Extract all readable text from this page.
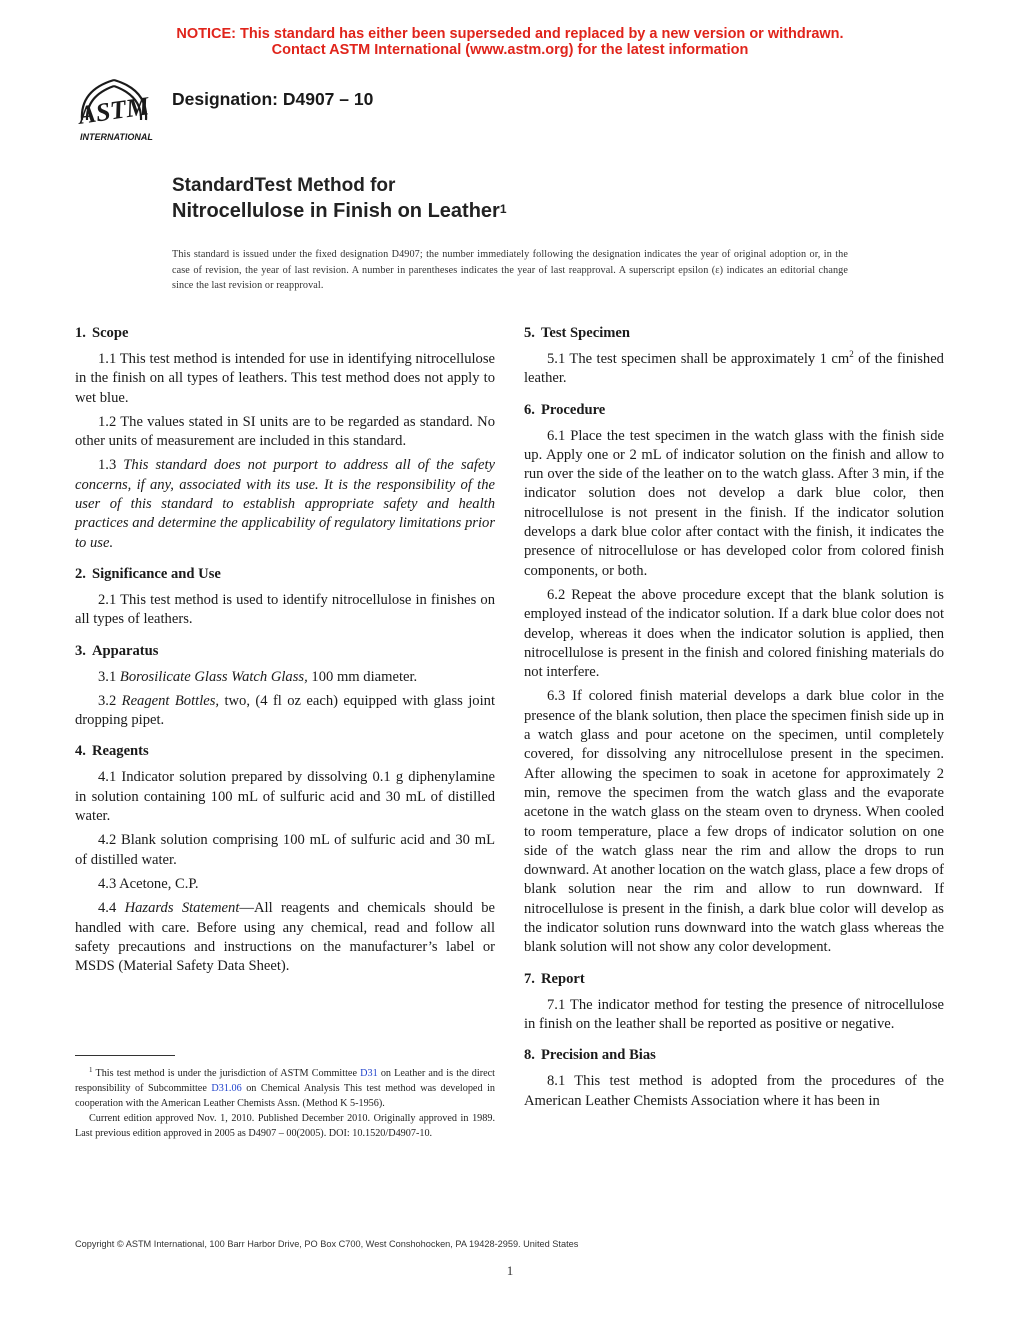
NOTICE: This standard has either been superseded and replaced by a new version or withdrawn.
Contact ASTM International (www.astm.org) for the latest information
ASTM
INTERNATIONAL
Designation: D4907 – 10
StandardTest Method for
Nitrocellulose in Finish on Leather$^1$
This standard is issued under the fixed designation D4907; the number immediately following the designation indicates the year of original adoption or, in the case of revision, the year of last revision. A number in parentheses indicates the year of last reapproval. A superscript epsilon (ε) indicates an editorial change since the last revision or reapproval.
1. Scope

1.1 This test method is intended for use in identifying nitrocellulose in the finish on all types of leathers. This test method does not apply to wet blue.

1.2 The values stated in SI units are to be regarded as standard. No other units of measurement are included in this standard.

1.3 This standard does not purport to address all of the safety concerns, if any, associated with its use. It is the responsibility of the user of this standard to establish appropriate safety and health practices and determine the applicability of regulatory limitations prior to use.

2. Significance and Use

2.1 This test method is used to identify nitrocellulose in finishes on all types of leathers.

3. Apparatus

3.1 Borosilicate Glass Watch Glass, 100 mm diameter.

3.2 Reagent Bottles, two, (4 fl oz each) equipped with glass joint dropping pipet.

4. Reagents

4.1 Indicator solution prepared by dissolving 0.1 g diphenylamine in solution containing 100 mL of sulfuric acid and 30 mL of distilled water.

4.2 Blank solution comprising 100 mL of sulfuric acid and 30 mL of distilled water.

4.3 Acetone, C.P.

4.4 Hazards Statement—All reagents and chemicals should be handled with care. Before using any chemical, read and follow all safety precautions and instructions on the manufacturer’s label or MSDS (Material Safety Data Sheet).

5. Test Specimen

5.1 The test specimen shall be approximately 1 $cm^2$ of the finished leather.

6. Procedure

6.1 Place the test specimen in the watch glass with the finish side up. Apply one or 2 mL of indicator solution on the finish and allow to run over the side of the leather on to the watch glass. After 3 min, if the indicator solution does not develop a dark blue color, then nitrocellulose is not present in the finish. If the indicator solution develops a dark blue color after contact with the finish, it indicates the presence of nitrocellulose or has developed color from colored finish components, or both.

6.2 Repeat the above procedure except that the blank solution is employed instead of the indicator solution. If a dark blue color does not develop, whereas it does when the indicator solution is applied, then nitrocellulose is present in the finish and colored finishing materials do not interfere.

6.3 If colored finish material develops a dark blue color in the presence of the blank solution, then place the specimen finish side up in a watch glass and pour acetone on the specimen, until completely covered, for dissolving any nitrocellulose present in the specimen. After allowing the specimen to soak in acetone for approximately 2 min, remove the specimen from the watch glass and the evaporate acetone in the watch glass on the steam oven to dryness. When cooled to room temperature, place a few drops of indicator solution on one side of the watch glass near the rim and allow the drops to run downward. At another location on the watch glass, place a few drops of blank solution near the rim and allow to run downward. If nitrocellulose is present in the finish, a dark blue color will develop as the indicator solution runs downward into the watch glass whereas the blank solution will not show any color development.

7. Report

7.1 The indicator method for testing the presence of nitrocellulose in finish on the leather shall be reported as positive or negative.

8. Precision and Bias

8.1 This test method is adopted from the procedures of the American Leather Chemists Association where it has been in

$^1$ This test method is under the jurisdiction of ASTM Committee D31 on Leather and is the direct responsibility of Subcommittee D31.06 on Chemical Analysis This test method was developed in cooperation with the American Leather Chemists Assn. (Method K 5-1956).

Current edition approved Nov. 1, 2010. Published December 2010. Originally approved in 1989. Last previous edition approved in 2005 as D4907 – 00(2005). DOI: 10.1520/D4907-10.

Copyright © ASTM International, 100 Barr Harbor Drive, PO Box C700, West Conshohocken, PA 19428-2959. United States
1
